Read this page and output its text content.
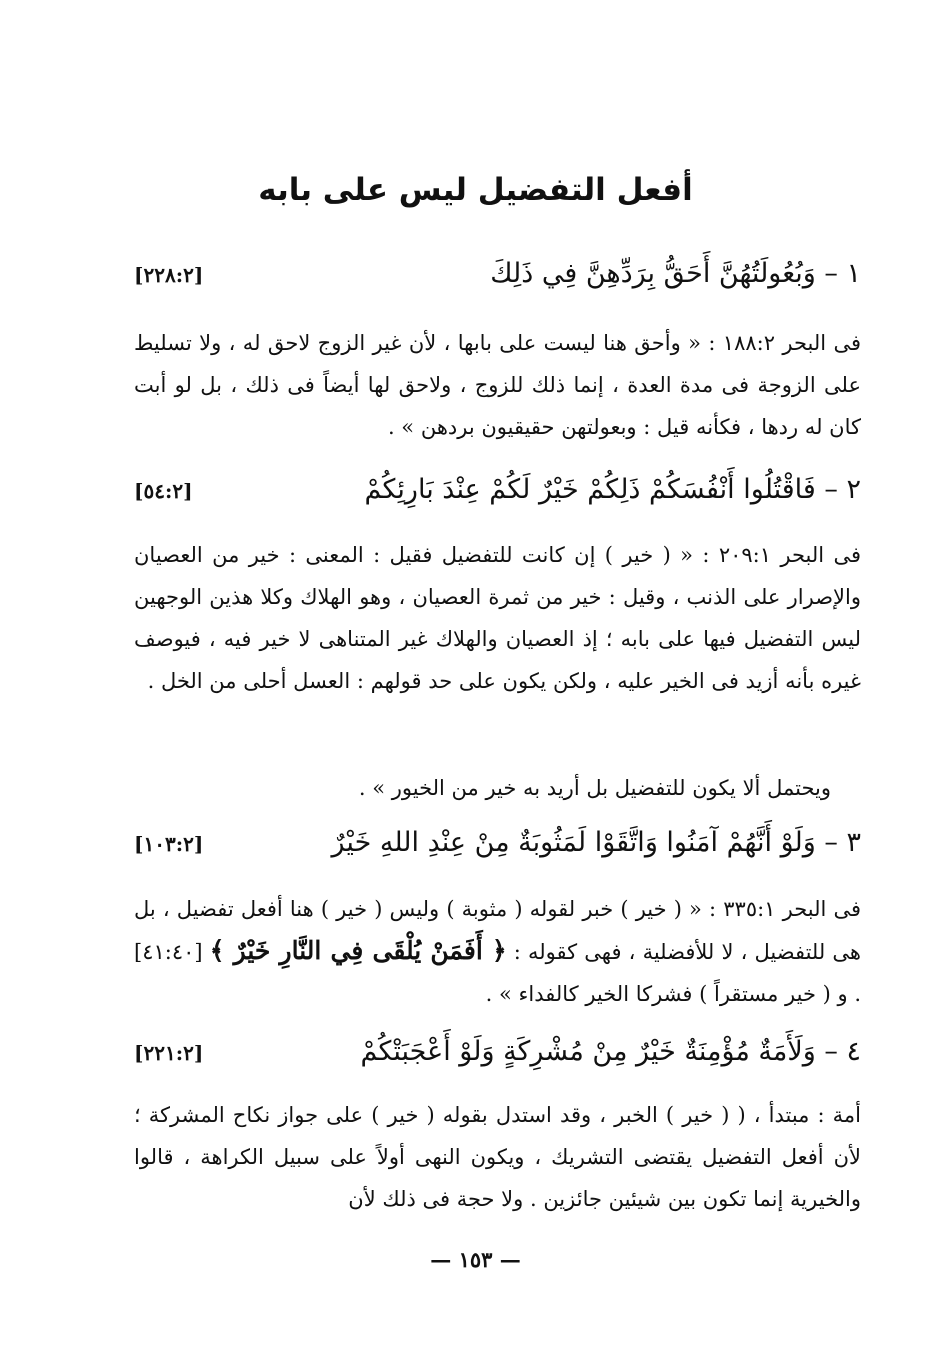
أفعل التفضيل ليس على بابه
١ – وَبُعُولَتُهُنَّ أَحَقُّ بِرَدِّهِنَّ فِي ذَلِكَ
[٢٢٨:٢]
فى البحر ١٨٨:٢ : « وأحق هنا ليست على بابها ، لأن غير الزوج لاحق له ، ولا تسليط على الزوجة فى مدة العدة ، إنما ذلك للزوج ، ولاحق لها أيضاً فى ذلك ، بل لو أبت كان له ردها ، فكأنه قيل : وبعولتهن حقيقيون بردهن » .
٢ – فَاقْتُلُوا أَنْفُسَكُمْ ذَلِكُمْ خَيْرٌ لَكُمْ عِنْدَ بَارِئِكُمْ
[٥٤:٢]
فى البحر ٢٠٩:١ : « ( خير ) إن كانت للتفضيل فقيل : المعنى : خير من العصيان والإصرار على الذنب ، وقيل : خير من ثمرة العصيان ، وهو الهلاك وكلا هذين الوجهين ليس التفضيل فيها على بابه ؛ إذ العصيان والهلاك غير المتناهى لا خير فيه ، فيوصف غيره بأنه أزيد فى الخير عليه ، ولكن يكون على حد قولهم : العسل أحلى من الخل .
ويحتمل ألا يكون للتفضيل بل أريد به خير من الخيور » .
٣ – وَلَوْ أَنَّهُمْ آمَنُوا وَاتَّقَوْا لَمَثُوبَةٌ مِنْ عِنْدِ اللهِ خَيْرٌ
[١٠٣:٢]
فى البحر ٣٣٥:١ : « ( خير ) خبر لقوله ( مثوبة ) وليس ( خير ) هنا أفعل تفضيل ، بل هى للتفضيل ، لا للأفضلية ، فهى كقوله : ﴿ أَفَمَنْ يُلْقَى فِي النَّارِ خَيْرٌ ﴾ [٤١:٤٠] . و ( خير مستقراً ) فشركا الخير كالفداء » .
٤ – وَلَأَمَةٌ مُؤْمِنَةٌ خَيْرٌ مِنْ مُشْرِكَةٍ وَلَوْ أَعْجَبَتْكُمْ
[٢٢١:٢]
أمة : مبتدأ ، ( ( خير ) الخبر ، وقد استدل بقوله ( خير ) على جواز نكاح المشركة ؛ لأن أفعل التفضيل يقتضى التشريك ، ويكون النهى أولاً على سبيل الكراهة ، قالوا والخيرية إنما تكون بين شيئين جائزين . ولا حجة فى ذلك لأن
— ١٥٣ —
